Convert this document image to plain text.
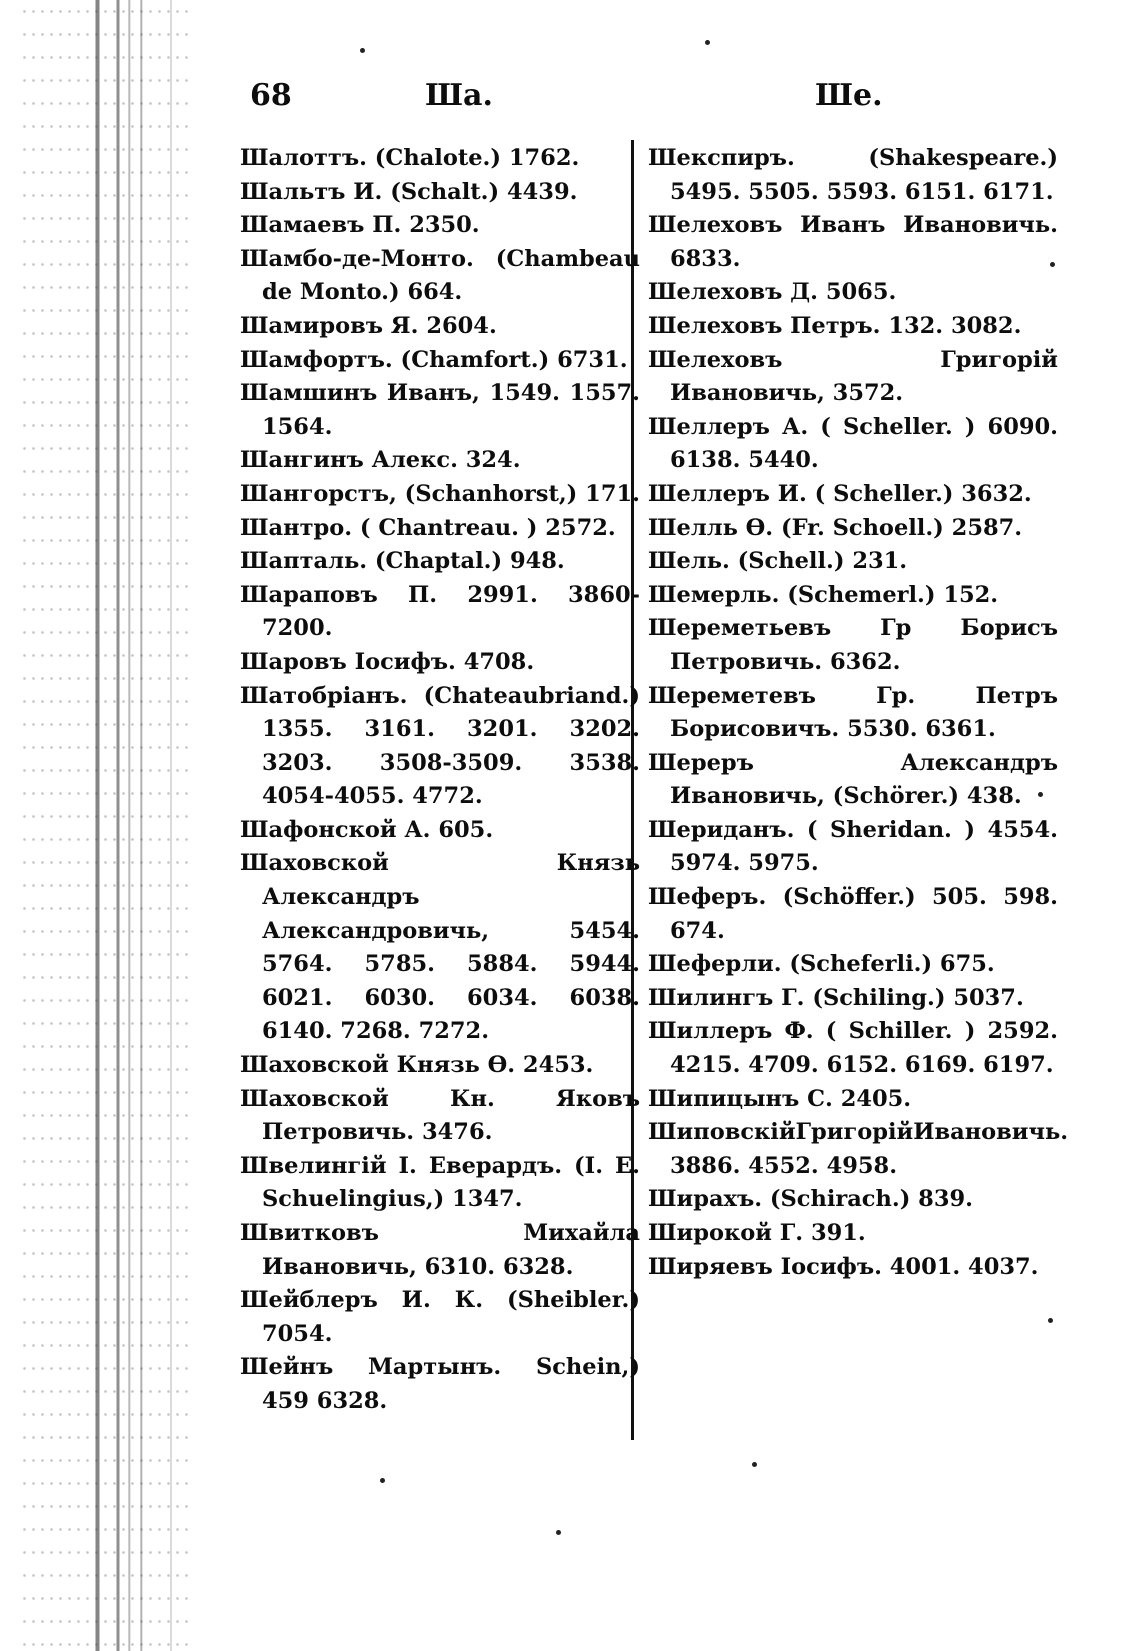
68	Ша.	Ше.

Шалоттъ. (Chalote.) 1762.

Шальтъ И. (Schalt.) 4439.

Шамаевъ П. 2350.

Шамбо-де-Монто. (Chambeau de Monto.) 664.

Шамировъ Я. 2604.

Шамфортъ. (Chamfort.) 6731.

Шамшинъ Иванъ, 1549. 1557. 1564.

Шангинъ Алекс. 324.

Шангорстъ, (Schanhorst,) 171.

Шантро. ( Chantreau. ) 2572.

Шапталь. (Chaptal.) 948.

Шараповъ П. 2991. 3860-7200.

Шаровъ Іосифъ. 4708.

Шатобріанъ. (Chateaubriand.) 1355. 3161. 3201. 3202. 3203. 3508-3509. 3538. 4054-4055. 4772.

Шафонской А. 605.

Шаховской Князь Александръ Александровичь, 5454. 5764. 5785. 5884. 5944. 6021. 6030. 6034. 6038. 6140. 7268. 7272.

Шаховской Князь Ѳ. 2453.

Шаховской Кн. Яковъ Петровичь. 3476.

Швелингій І. Еверардъ. (I. E. Schuelingius,) 1347.

Швитковъ Михайла Ивановичь, 6310. 6328.

Шейблеръ И. К. (Sheibler.) 7054.

Шейнъ Мартынъ. Schein,) 459 6328.

Шекспиръ. (Shakespeare.) 5495. 5505. 5593. 6151. 6171.

Шелеховъ Иванъ Ивановичь. 6833.

Шелеховъ Д. 5065.

Шелеховъ Петръ. 132. 3082.

Шелеховъ Григорій Ивановичь, 3572.

Шеллеръ А. ( Scheller. ) 6090. 6138. 5440.

Шеллеръ И. ( Scheller.) 3632.

Шелль Ѳ. (Fr. Schoell.) 2587.

Шель. (Schell.) 231.

Шемерль. (Schemerl.) 152.

Шереметьевъ Гр Борисъ Петровичь. 6362.

Шереметевъ Гр. Петръ Борисовичъ. 5530. 6361.

Шереръ Александръ Ивановичь, (Schörer.) 438.

Шериданъ. ( Sheridan. ) 4554. 5974. 5975.

Шеферъ. (Schöffer.) 505. 598. 674.

Шеферли. (Scheferli.) 675.

Шилингъ Г. (Schiling.) 5037.

Шиллеръ Ф. ( Schiller. ) 2592. 4215. 4709. 6152. 6169. 6197.

Шипицынъ С. 2405.

ШиповскійГригорійИвановичь. 3886. 4552. 4958.

Ширахъ. (Schirach.) 839.

Широкой Г. 391.

Ширяевъ Іосифъ. 4001. 4037.
